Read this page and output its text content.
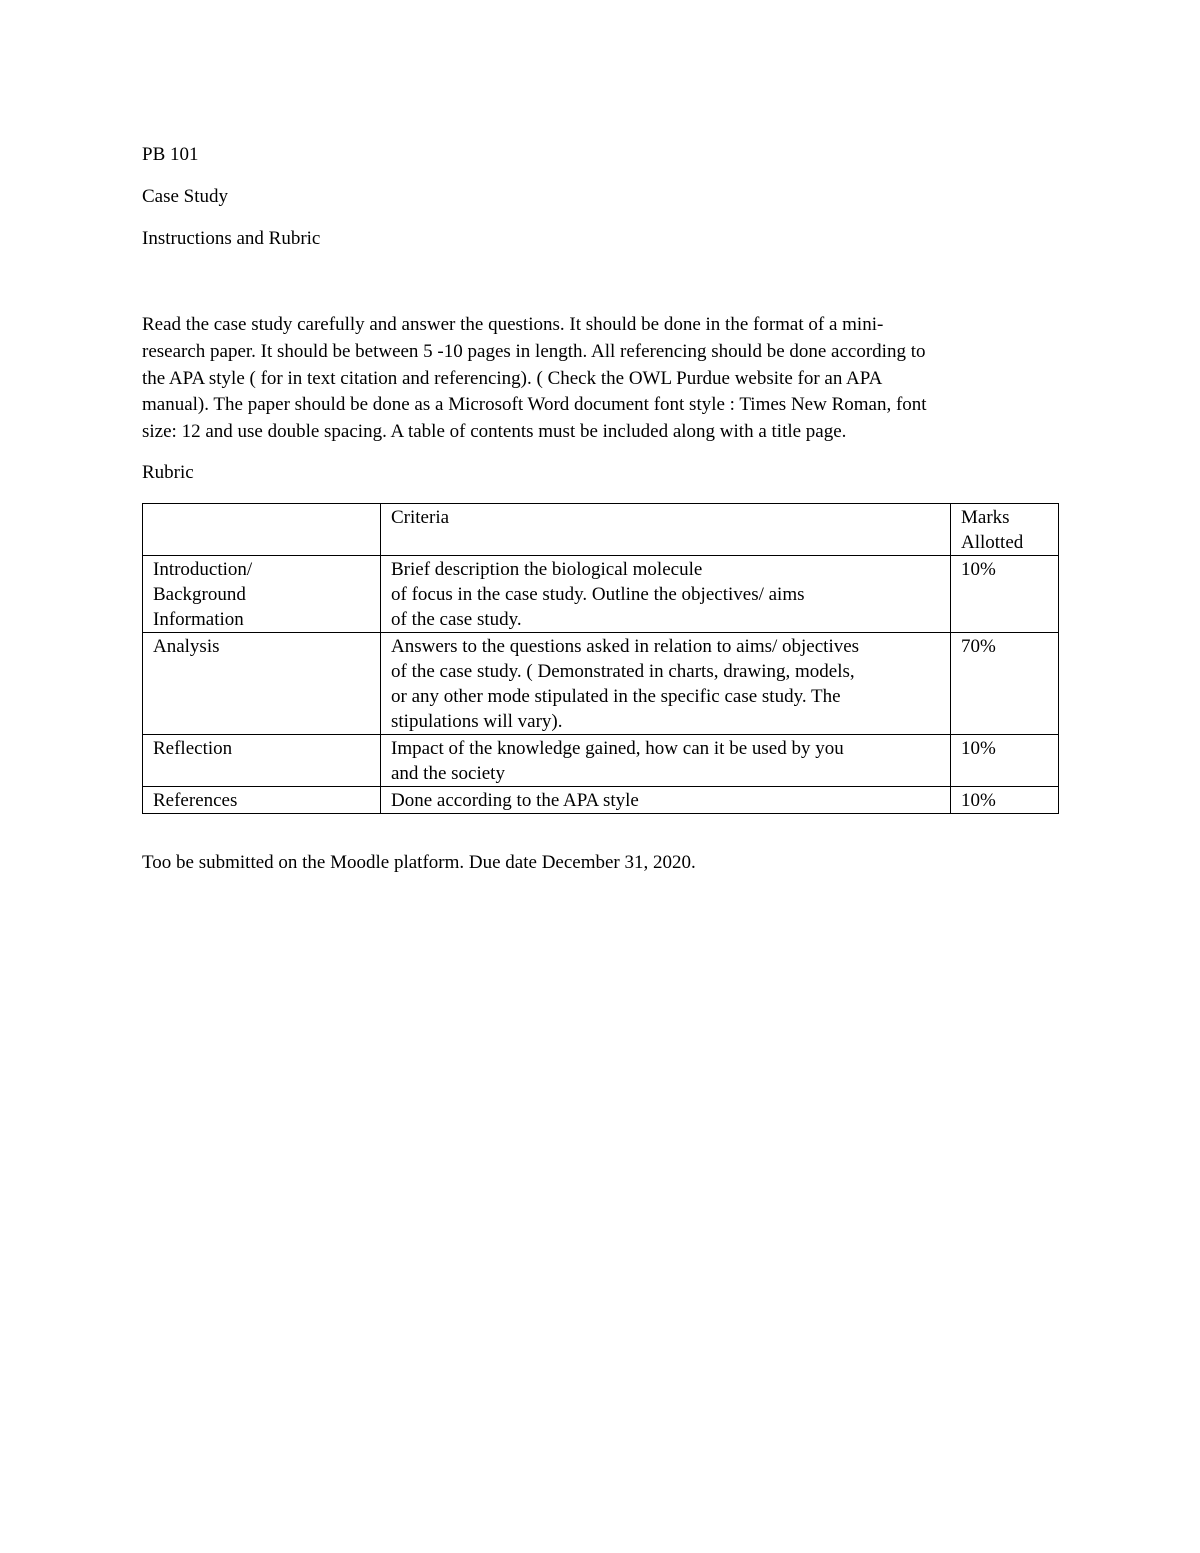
PB 101

Case Study

Instructions and Rubric

Read the case study carefully and answer the questions. It should be done in the format of a mini-
research paper. It should be between 5 -10 pages in length. All referencing should be done according to
the APA style ( for in text citation and referencing). ( Check the OWL Purdue website for an APA
manual). The paper should be done as a Microsoft Word document font style : Times New Roman, font
size: 12 and use double spacing. A table of contents must be included along with a title page.

Rubric

	Criteria	Marks
Allotted

Introduction/
Background
Information	Brief description the biological molecule
of focus in the case study. Outline the objectives/ aims
of the case study.	10%

Analysis	Answers to the questions asked in relation to aims/ objectives
of the case study. ( Demonstrated in charts, drawing, models,
or any other mode stipulated in the specific case study. The
stipulations will vary).	70%

Reflection	Impact of the knowledge gained, how can it be used by you
and the society	10%

References	Done according to the APA style	10%

Too be submitted on the Moodle platform. Due date December 31, 2020.
